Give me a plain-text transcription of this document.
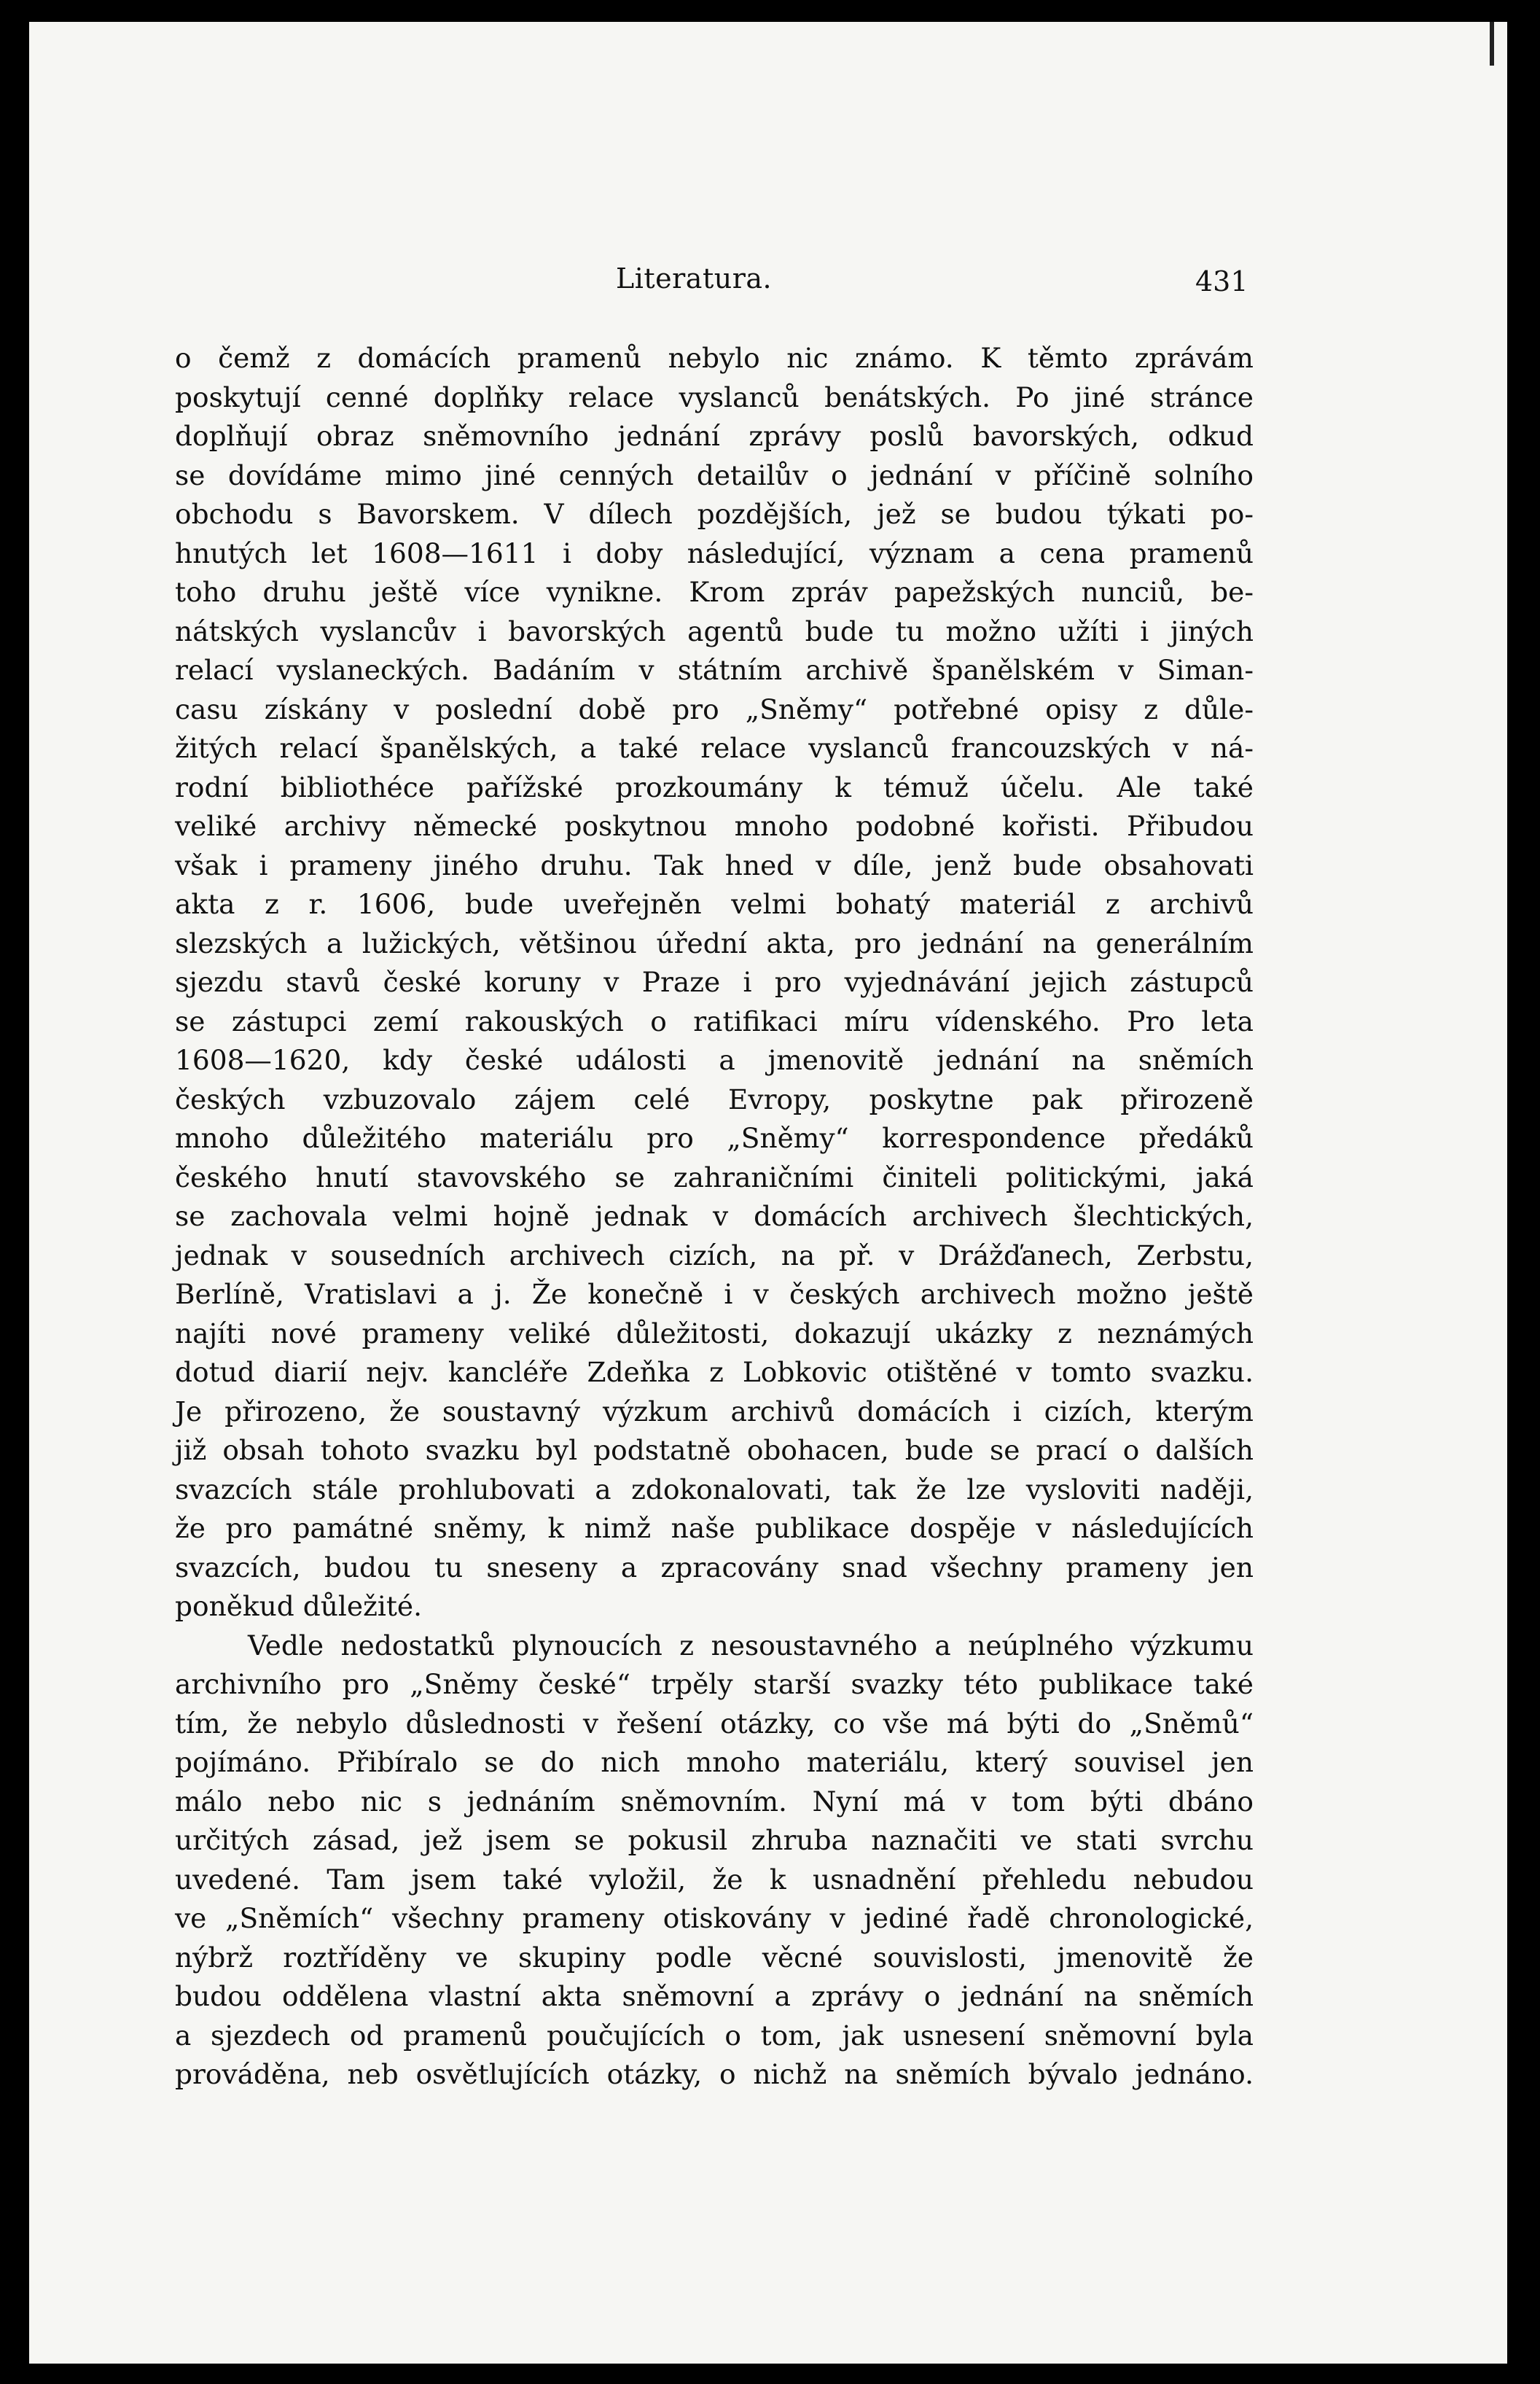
Literatura.	431
o čemž z domácích pramenů nebylo nic známo. K těmto zprávám
poskytují cenné doplňky relace vyslanců benátských. Po jiné stránce
doplňují obraz sněmovního jednání zprávy poslů bavorských, odkud
se dovídáme mimo jiné cenných detailův o jednání v příčině solního
obchodu s Bavorskem. V dílech pozdějších, jež se budou týkati po-
hnutých let 1608—1611 i doby následující, význam a cena pramenů
toho druhu ještě více vynikne. Krom zpráv papežských nunciů, be-
nátských vyslancův i bavorských agentů bude tu možno užíti i jiných
relací vyslaneckých. Badáním v státním archivě španělském v Siman-
casu získány v poslední době pro „Sněmy“ potřebné opisy z důle-
žitých relací španělských, a také relace vyslanců francouzských v ná-
rodní bibliothéce pařížské prozkoumány k témuž účelu. Ale také
veliké archivy německé poskytnou mnoho podobné kořisti. Přibudou
však i prameny jiného druhu. Tak hned v díle, jenž bude obsahovati
akta z r. 1606, bude uveřejněn velmi bohatý materiál z archivů
slezských a lužických, většinou úřední akta, pro jednání na generálním
sjezdu stavů české koruny v Praze i pro vyjednávání jejich zástupců
se zástupci zemí rakouských o ratifikaci míru vídenského. Pro leta
1608—1620, kdy české události a jmenovitě jednání na sněmích
českých vzbuzovalo zájem celé Evropy, poskytne pak přirozeně
mnoho důležitého materiálu pro „Sněmy“ korrespondence předáků
českého hnutí stavovského se zahraničními činiteli politickými, jaká
se zachovala velmi hojně jednak v domácích archivech šlechtických,
jednak v sousedních archivech cizích, na př. v Drážďanech, Zerbstu,
Berlíně, Vratislavi a j. Že konečně i v českých archivech možno ještě
najíti nové prameny veliké důležitosti, dokazují ukázky z neznámých
dotud diarií nejv. kancléře Zdeňka z Lobkovic otištěné v tomto svazku.
Je přirozeno, že soustavný výzkum archivů domácích i cizích, kterým
již obsah tohoto svazku byl podstatně obohacen, bude se prací o dalších
svazcích stále prohlubovati a zdokonalovati, tak že lze vysloviti naději,
že pro památné sněmy, k nimž naše publikace dospěje v následujících
svazcích, budou tu sneseny a zpracovány snad všechny prameny jen
poněkud důležité.
Vedle nedostatků plynoucích z nesoustavného a neúplného výzkumu
archivního pro „Sněmy české“ trpěly starší svazky této publikace také
tím, že nebylo důslednosti v řešení otázky, co vše má býti do „Sněmů“
pojímáno. Přibíralo se do nich mnoho materiálu, který souvisel jen
málo nebo nic s jednáním sněmovním. Nyní má v tom býti dbáno
určitých zásad, jež jsem se pokusil zhruba naznačiti ve stati svrchu
uvedené. Tam jsem také vyložil, že k usnadnění přehledu nebudou
ve „Sněmích“ všechny prameny otiskovány v jediné řadě chronologické,
nýbrž roztříděny ve skupiny podle věcné souvislosti, jmenovitě že
budou oddělena vlastní akta sněmovní a zprávy o jednání na sněmích
a sjezdech od pramenů poučujících o tom, jak usnesení sněmovní byla
prováděna, neb osvětlujících otázky, o nichž na sněmích bývalo jednáno.
